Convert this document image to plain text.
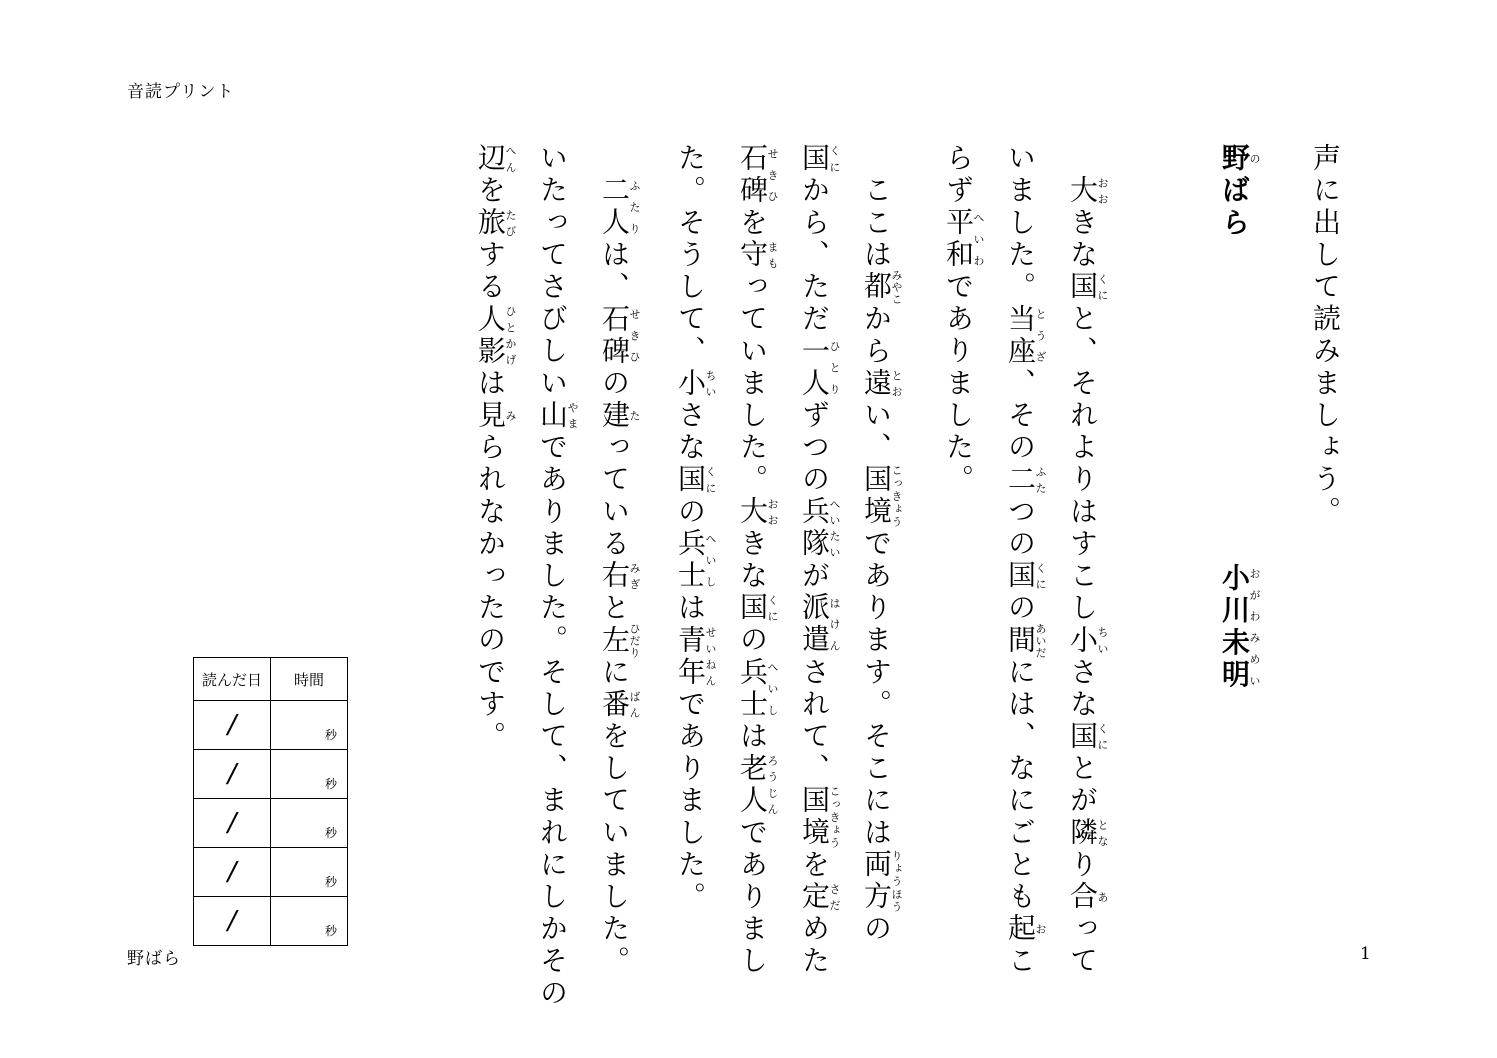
音読プリント
声に出して読みましょう。
野のばら
小川未明おがわみめい
　大おおきな国くにと、それよりはすこし小ちいさな国くにとが隣となり合あって
いました。当座とうざ、その二ふたつの国くにの間あいだには、なにごとも起おこ
らず平和へいわでありました。
　ここは都みやこから遠とおい、国境こっきょうであります。そこには両方りょうほうの
国くにから、ただ一人ひとりずつの兵隊へいたいが派遣はけんされて、国境こっきょうを定さだめた
石碑せきひを守まもっていました。大おおきな国くにの兵士へいしは老人ろうじんでありまし
た。そうして、小ちいさな国くにの兵士へいしは青年せいねんでありました。
　二人ふたりは、石碑せきひの建たっている右みぎと左ひだりに番ばんをしていました。
いたってさびしい山やまでありました。そして、まれにしかその
辺へんを旅たびする人影ひとかげは見みられなかったのです。
読んだ日	時間
/	秒
/	秒
/	秒
/	秒
/	秒
野ばら	1
